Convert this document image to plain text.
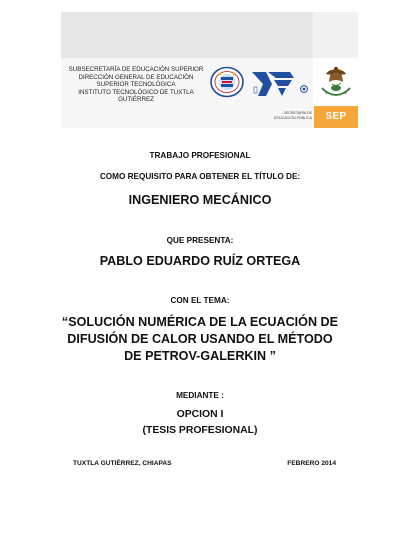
SUBSECRETARÍA DE EDUCACIÓN SUPERIOR
DIRECCIÓN GENERAL DE EDUCACIÓN
SUPERIOR TECNOLÓGICA
INSTITUTO TECNOLÓGICO DE TUXTLA
GUTIÉRREZ
SECRETARÍA DE
EDUCACIÓN PÚBLICA	SEP
TRABAJO PROFESIONAL
COMO REQUISITO PARA OBTENER EL TÍTULO DE:
INGENIERO MECÁNICO
QUE PRESENTA:
PABLO EDUARDO RUÍZ ORTEGA
CON EL TEMA:
“SOLUCIÓN NUMÉRICA DE LA ECUACIÓN DE
DIFUSIÓN DE CALOR USANDO EL MÉTODO
DE PETROV-GALERKIN ”
MEDIANTE :
OPCION I
(TESIS PROFESIONAL)
TUXTLA GUTIÉRREZ, CHIAPAS	FEBRERO 2014
